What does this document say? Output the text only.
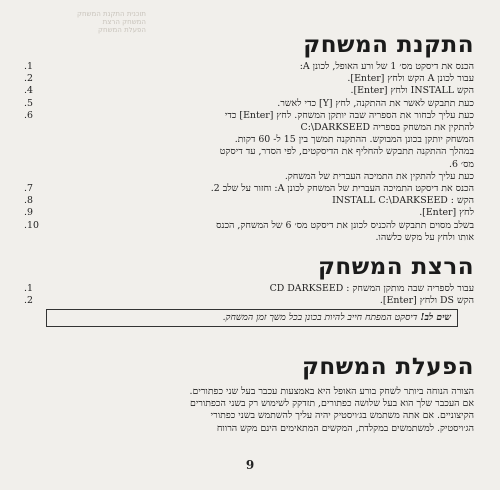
תוכנית התקנת המשחק
המשחק הרצת
הפעלת המשחק
התקנת המשחק
.1	הכנס את דיסקט מס׳ 1 של ורע האופל, לכונן A:
.2	עבור לכונן A הקש ולחץ [Enter].
.4	הקש INSTALL ולחץ [Enter].
.5	כעת תתבקש לאשר את ההתקנה, לחץ [Y] כדי לאשר.
.6	כעת עליך לבחור את הספריה שבה יותקן המשחק. לחץ [Enter] כדי
להתקין את המשחק בספריה C:\DARKSEED
המשחק יותקן בכונן המבוקש. ההתקנה תמשך בין 15 ל- 60 דקות.
במהלך ההתקנה תתבקש להחליף את הדיסקטים, לפי הסדר, עד דיסקט
מס׳ 6.
כעת עליך להתקין את התמיכה העברית של המשחק.
.7	הכנס את דיסקט התמיכה העברית של המשחק לכונן A: וחזור על שלב 2.
.8	הקש : INSTALL C:\DARKSEED
.9	לחץ [Enter].
.10	בשלב מסוים תתבקש להכניס לכונן את דיסקט מס׳ 6 של המשחק, הכנס
אותו ולחץ על מקש כלשהו.
הרצת המשחק
.1	עבור לספריה שבה מותקן המשחק : CD DARKSEED
.2	הקש DS ולחץ [Enter].
שים לב! דיסקט המפתח חייב להיות בכונן בכל משך זמן המשחק.
הפעלת המשחק
הצורה הנוחה ביותר לשחק בורע האופל היא באמצעות עכבר בעל שני כפתורים.
אם העכבר שלך הוא בעל שלושה כפתורים, תזדקק לשימוש רק בשני הכפתורים
הקיצוניים. אם אתה משתמש בג׳ויסטיק יהיה עליך להשתמש בשני כפתורי
הג׳ויסטיק. למשתמשים במקלדת, המקשים המתאימים הינם מקש הרווח
9
